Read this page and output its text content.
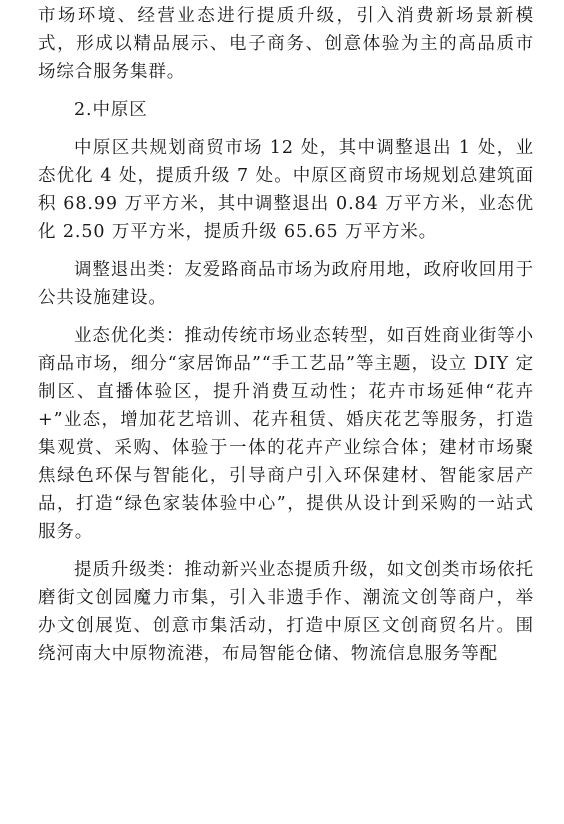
市场环境、经营业态进行提质升级，引入消费新场景新模式，形成以精品展示、电子商务、创意体验为主的高品质市场综合服务集群。

2.中原区

中原区共规划商贸市场 12 处，其中调整退出 1 处，业态优化 4 处，提质升级 7 处。中原区商贸市场规划总建筑面积 68.99 万平方米，其中调整退出 0.84 万平方米，业态优化 2.50 万平方米，提质升级 65.65 万平方米。

调整退出类：友爱路商品市场为政府用地，政府收回用于公共设施建设。

业态优化类：推动传统市场业态转型，如百姓商业街等小商品市场，细分“家居饰品”“手工艺品”等主题，设立 DIY 定制区、直播体验区，提升消费互动性；花卉市场延伸“花卉+”业态，增加花艺培训、花卉租赁、婚庆花艺等服务，打造集观赏、采购、体验于一体的花卉产业综合体；建材市场聚焦绿色环保与智能化，引导商户引入环保建材、智能家居产品，打造“绿色家装体验中心”，提供从设计到采购的一站式服务。

提质升级类：推动新兴业态提质升级，如文创类市场依托磨街文创园魔力市集，引入非遗手作、潮流文创等商户，举办文创展览、创意市集活动，打造中原区文创商贸名片。围绕河南大中原物流港，布局智能仓储、物流信息服务等配
